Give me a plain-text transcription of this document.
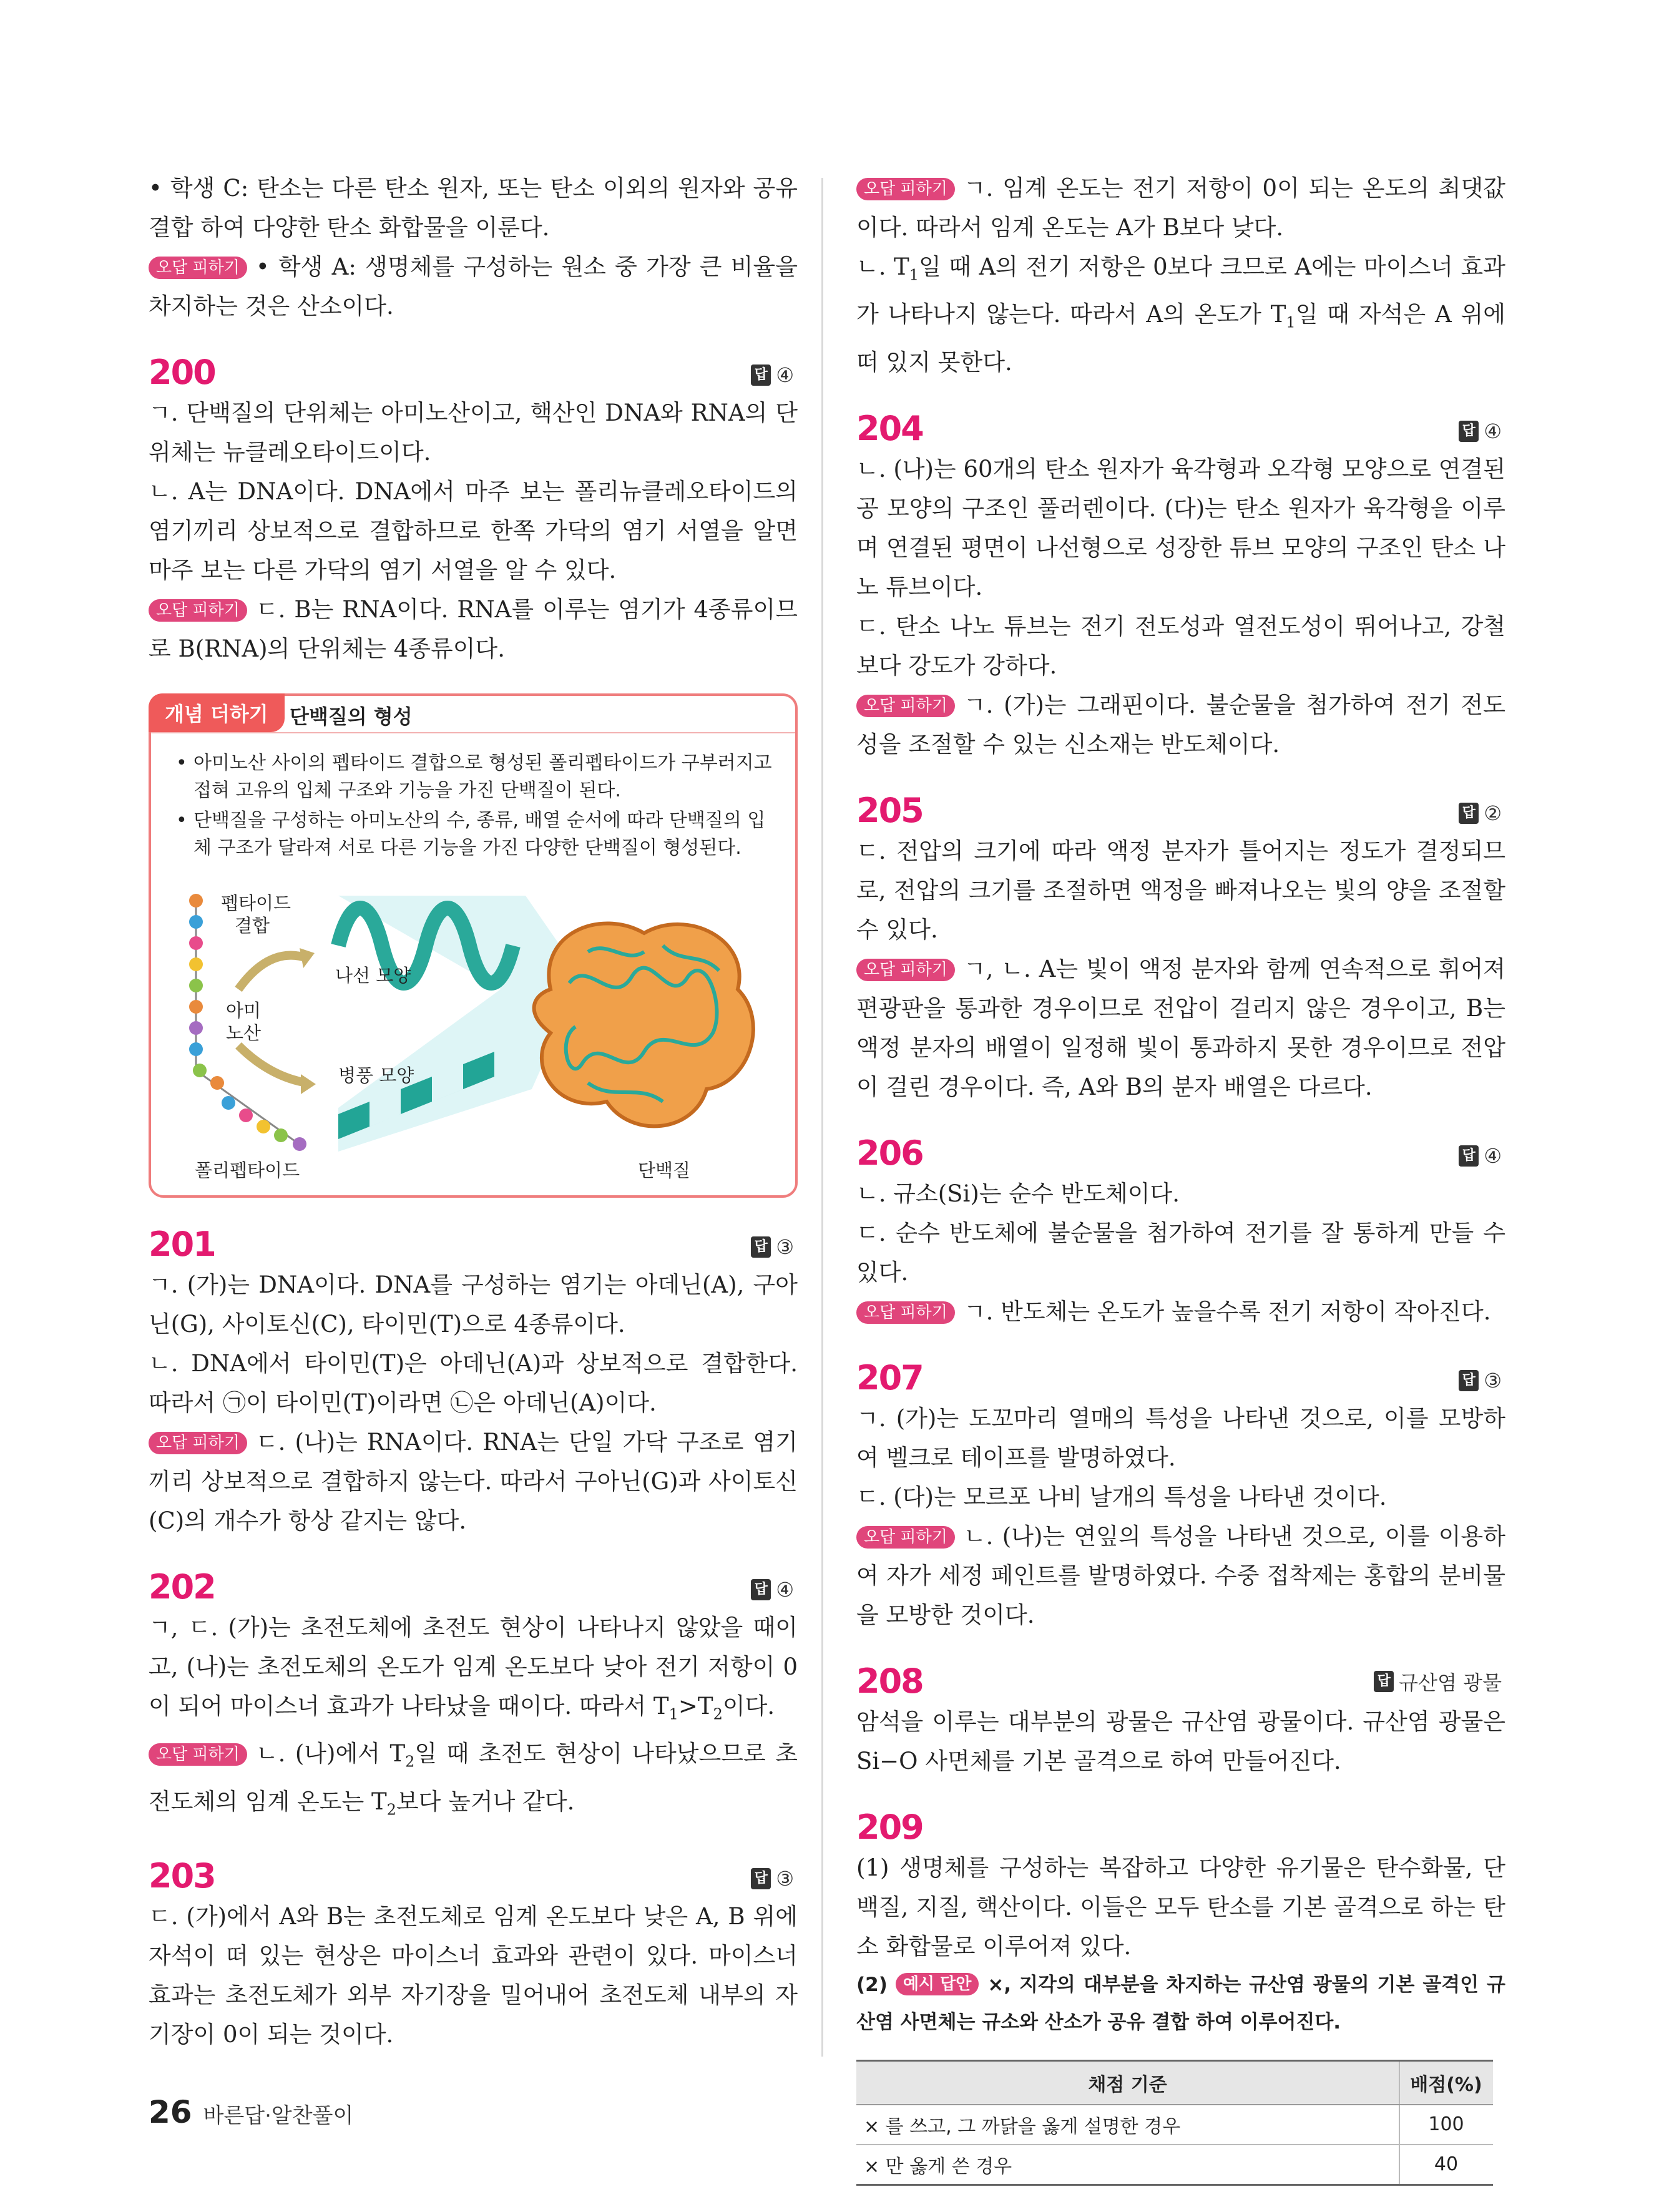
• 학생 C: 탄소는 다른 탄소 원자, 또는 탄소 이외의 원자와 공유 결합 하여 다양한 탄소 화합물을 이룬다.

오답 피하기 • 학생 A: 생명체를 구성하는 원소 중 가장 큰 비율을 차지하는 것은 산소이다.

200	답 ④

ㄱ. 단백질의 단위체는 아미노산이고, 핵산인 DNA와 RNA의 단위체는 뉴클레오타이드이다.

ㄴ. A는 DNA이다. DNA에서 마주 보는 폴리뉴클레오타이드의 염기끼리 상보적으로 결합하므로 한쪽 가닥의 염기 서열을 알면 마주 보는 다른 가닥의 염기 서열을 알 수 있다.

오답 피하기 ㄷ. B는 RNA이다. RNA를 이루는 염기가 4종류이므로 B(RNA)의 단위체는 4종류이다.

개념 더하기	단백질의 형성
• 아미노산 사이의 펩타이드 결합으로 형성된 폴리펩타이드가 구부러지고 접혀 고유의 입체 구조와 기능을 가진 단백질이 된다.
• 단백질을 구성하는 아미노산의 수, 종류, 배열 순서에 따라 단백질의 입체 구조가 달라져 서로 다른 기능을 가진 다양한 단백질이 형성된다.
펩타이드
결합
아미
노산
나선 모양
병풍 모양
폴리펩타이드	단백질
201	답 ③

ㄱ. (가)는 DNA이다. DNA를 구성하는 염기는 아데닌(A), 구아닌(G), 사이토신(C), 타이민(T)으로 4종류이다.

ㄴ. DNA에서 타이민(T)은 아데닌(A)과 상보적으로 결합한다. 따라서 ㉠이 타이민(T)이라면 ㉡은 아데닌(A)이다.

오답 피하기 ㄷ. (나)는 RNA이다. RNA는 단일 가닥 구조로 염기끼리 상보적으로 결합하지 않는다. 따라서 구아닌(G)과 사이토신(C)의 개수가 항상 같지는 않다.

202	답 ④

ㄱ, ㄷ. (가)는 초전도체에 초전도 현상이 나타나지 않았을 때이고, (나)는 초전도체의 온도가 임계 온도보다 낮아 전기 저항이 0이 되어 마이스너 효과가 나타났을 때이다. 따라서 $T_1>T_2$이다.

오답 피하기 ㄴ. (나)에서 $T_2$일 때 초전도 현상이 나타났으므로 초전도체의 임계 온도는 $T_2$보다 높거나 같다.

203	답 ③

ㄷ. (가)에서 A와 B는 초전도체로 임계 온도보다 낮은 A, B 위에 자석이 떠 있는 현상은 마이스너 효과와 관련이 있다. 마이스너 효과는 초전도체가 외부 자기장을 밀어내어 초전도체 내부의 자기장이 0이 되는 것이다.

오답 피하기 ㄱ. 임계 온도는 전기 저항이 0이 되는 온도의 최댓값이다. 따라서 임계 온도는 A가 B보다 낮다.

ㄴ. $T_1$일 때 A의 전기 저항은 0보다 크므로 A에는 마이스너 효과가 나타나지 않는다. 따라서 A의 온도가 $T_1$일 때 자석은 A 위에 떠 있지 못한다.

204	답 ④

ㄴ. (나)는 60개의 탄소 원자가 육각형과 오각형 모양으로 연결된 공 모양의 구조인 풀러렌이다. (다)는 탄소 원자가 육각형을 이루며 연결된 평면이 나선형으로 성장한 튜브 모양의 구조인 탄소 나노 튜브이다.

ㄷ. 탄소 나노 튜브는 전기 전도성과 열전도성이 뛰어나고, 강철보다 강도가 강하다.

오답 피하기 ㄱ. (가)는 그래핀이다. 불순물을 첨가하여 전기 전도성을 조절할 수 있는 신소재는 반도체이다.

205	답 ②

ㄷ. 전압의 크기에 따라 액정 분자가 틀어지는 정도가 결정되므로, 전압의 크기를 조절하면 액정을 빠져나오는 빛의 양을 조절할 수 있다.

오답 피하기 ㄱ, ㄴ. A는 빛이 액정 분자와 함께 연속적으로 휘어져 편광판을 통과한 경우이므로 전압이 걸리지 않은 경우이고, B는 액정 분자의 배열이 일정해 빛이 통과하지 못한 경우이므로 전압이 걸린 경우이다. 즉, A와 B의 분자 배열은 다르다.

206	답 ④

ㄴ. 규소(Si)는 순수 반도체이다.

ㄷ. 순수 반도체에 불순물을 첨가하여 전기를 잘 통하게 만들 수 있다.

오답 피하기 ㄱ. 반도체는 온도가 높을수록 전기 저항이 작아진다.

207	답 ③

ㄱ. (가)는 도꼬마리 열매의 특성을 나타낸 것으로, 이를 모방하여 벨크로 테이프를 발명하였다.

ㄷ. (다)는 모르포 나비 날개의 특성을 나타낸 것이다.

오답 피하기 ㄴ. (나)는 연잎의 특성을 나타낸 것으로, 이를 이용하여 자가 세정 페인트를 발명하였다. 수중 접착제는 홍합의 분비물을 모방한 것이다.

208	답 규산염 광물

암석을 이루는 대부분의 광물은 규산염 광물이다. 규산염 광물은 Si−O 사면체를 기본 골격으로 하여 만들어진다.

209

(1) 생명체를 구성하는 복잡하고 다양한 유기물은 탄수화물, 단백질, 지질, 핵산이다. 이들은 모두 탄소를 기본 골격으로 하는 탄소 화합물로 이루어져 있다.

(2) 예시 답안 ×, 지각의 대부분을 차지하는 규산염 광물의 기본 골격인 규산염 사면체는 규소와 산소가 공유 결합 하여 이루어진다.

채점 기준	배점(%)
× 를 쓰고, 그 까닭을 옳게 설명한 경우	100
× 만 옳게 쓴 경우	40
26 바른답·알찬풀이
